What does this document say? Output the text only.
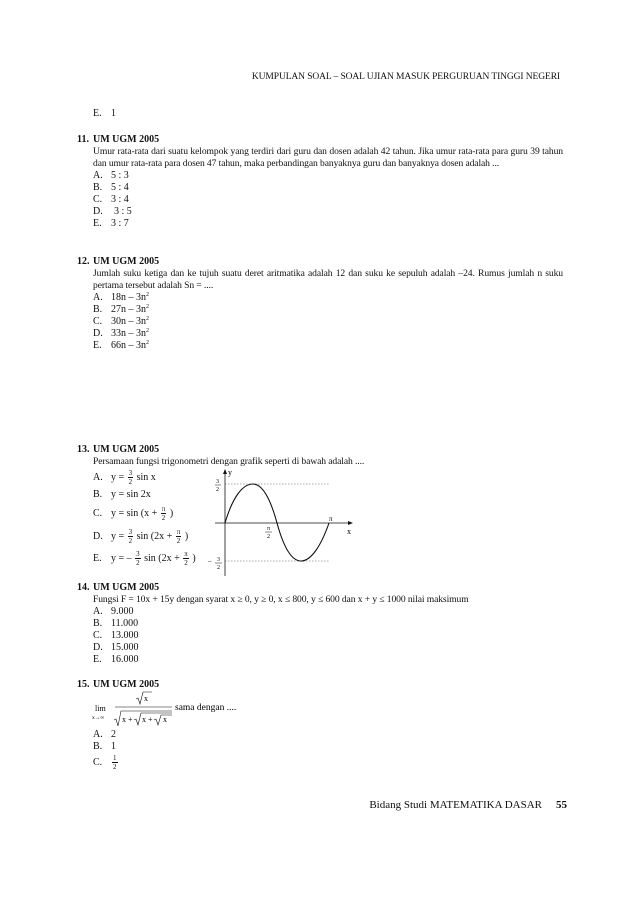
KUMPULAN SOAL – SOAL UJIAN MASUK PERGURUAN TINGGI NEGERI
E. 1
11. UM UGM 2005
Umur rata-rata dari suatu kelompok yang terdiri dari guru dan dosen adalah 42 tahun. Jika umur rata-rata para guru 39 tahun dan umur rata-rata para dosen 47 tahun, maka perbandingan banyaknya guru dan banyaknya dosen adalah ...
A. 5 : 3
B. 5 : 4
C. 3 : 4
D. 3 : 5
E. 3 : 7
12. UM UGM 2005
Jumlah suku ketiga dan ke tujuh suatu deret aritmatika adalah 12 dan suku ke sepuluh adalah –24. Rumus jumlah n suku pertama tersebut adalah Sn = ....
A. $18n - 3n^2$
B. $27n - 3n^2$
C. $30n - 3n^2$
D. $33n - 3n^2$
E. $66n - 3n^2$
13. UM UGM 2005
Persamaan fungsi trigonometri dengan grafik seperti di bawah adalah ....
A. $y = \frac{3}{2}$ sin x
B. y = sin 2x
C. $y = \sin (x + \frac{\pi}{2}$ )
D. $y = \frac{3}{2}$ $\sin (2x + \frac{\pi}{2}$ )
E. y = – $\frac{3}{2}$ $\sin (2x + \frac{\pi}{2}$ )
y
x
3
2
– 3
2
π
2
π
14. UM UGM 2005
Fungsi F = 10x + 15y dengan syarat x ≥ 0, y ≥ 0, x ≤ 800, y ≤ 600 dan x + y ≤ 1000 nilai maksimum
A. 9.000
B. 11.000
C. 13.000
D. 15.000
E. 16.000
15. UM UGM 2005
lim
x→∞
x
x + x + x
sama dengan ....
A. 2
B. 1
C. $\frac{1}{2}$
Bidang Studi MATEMATIKA DASAR 55
